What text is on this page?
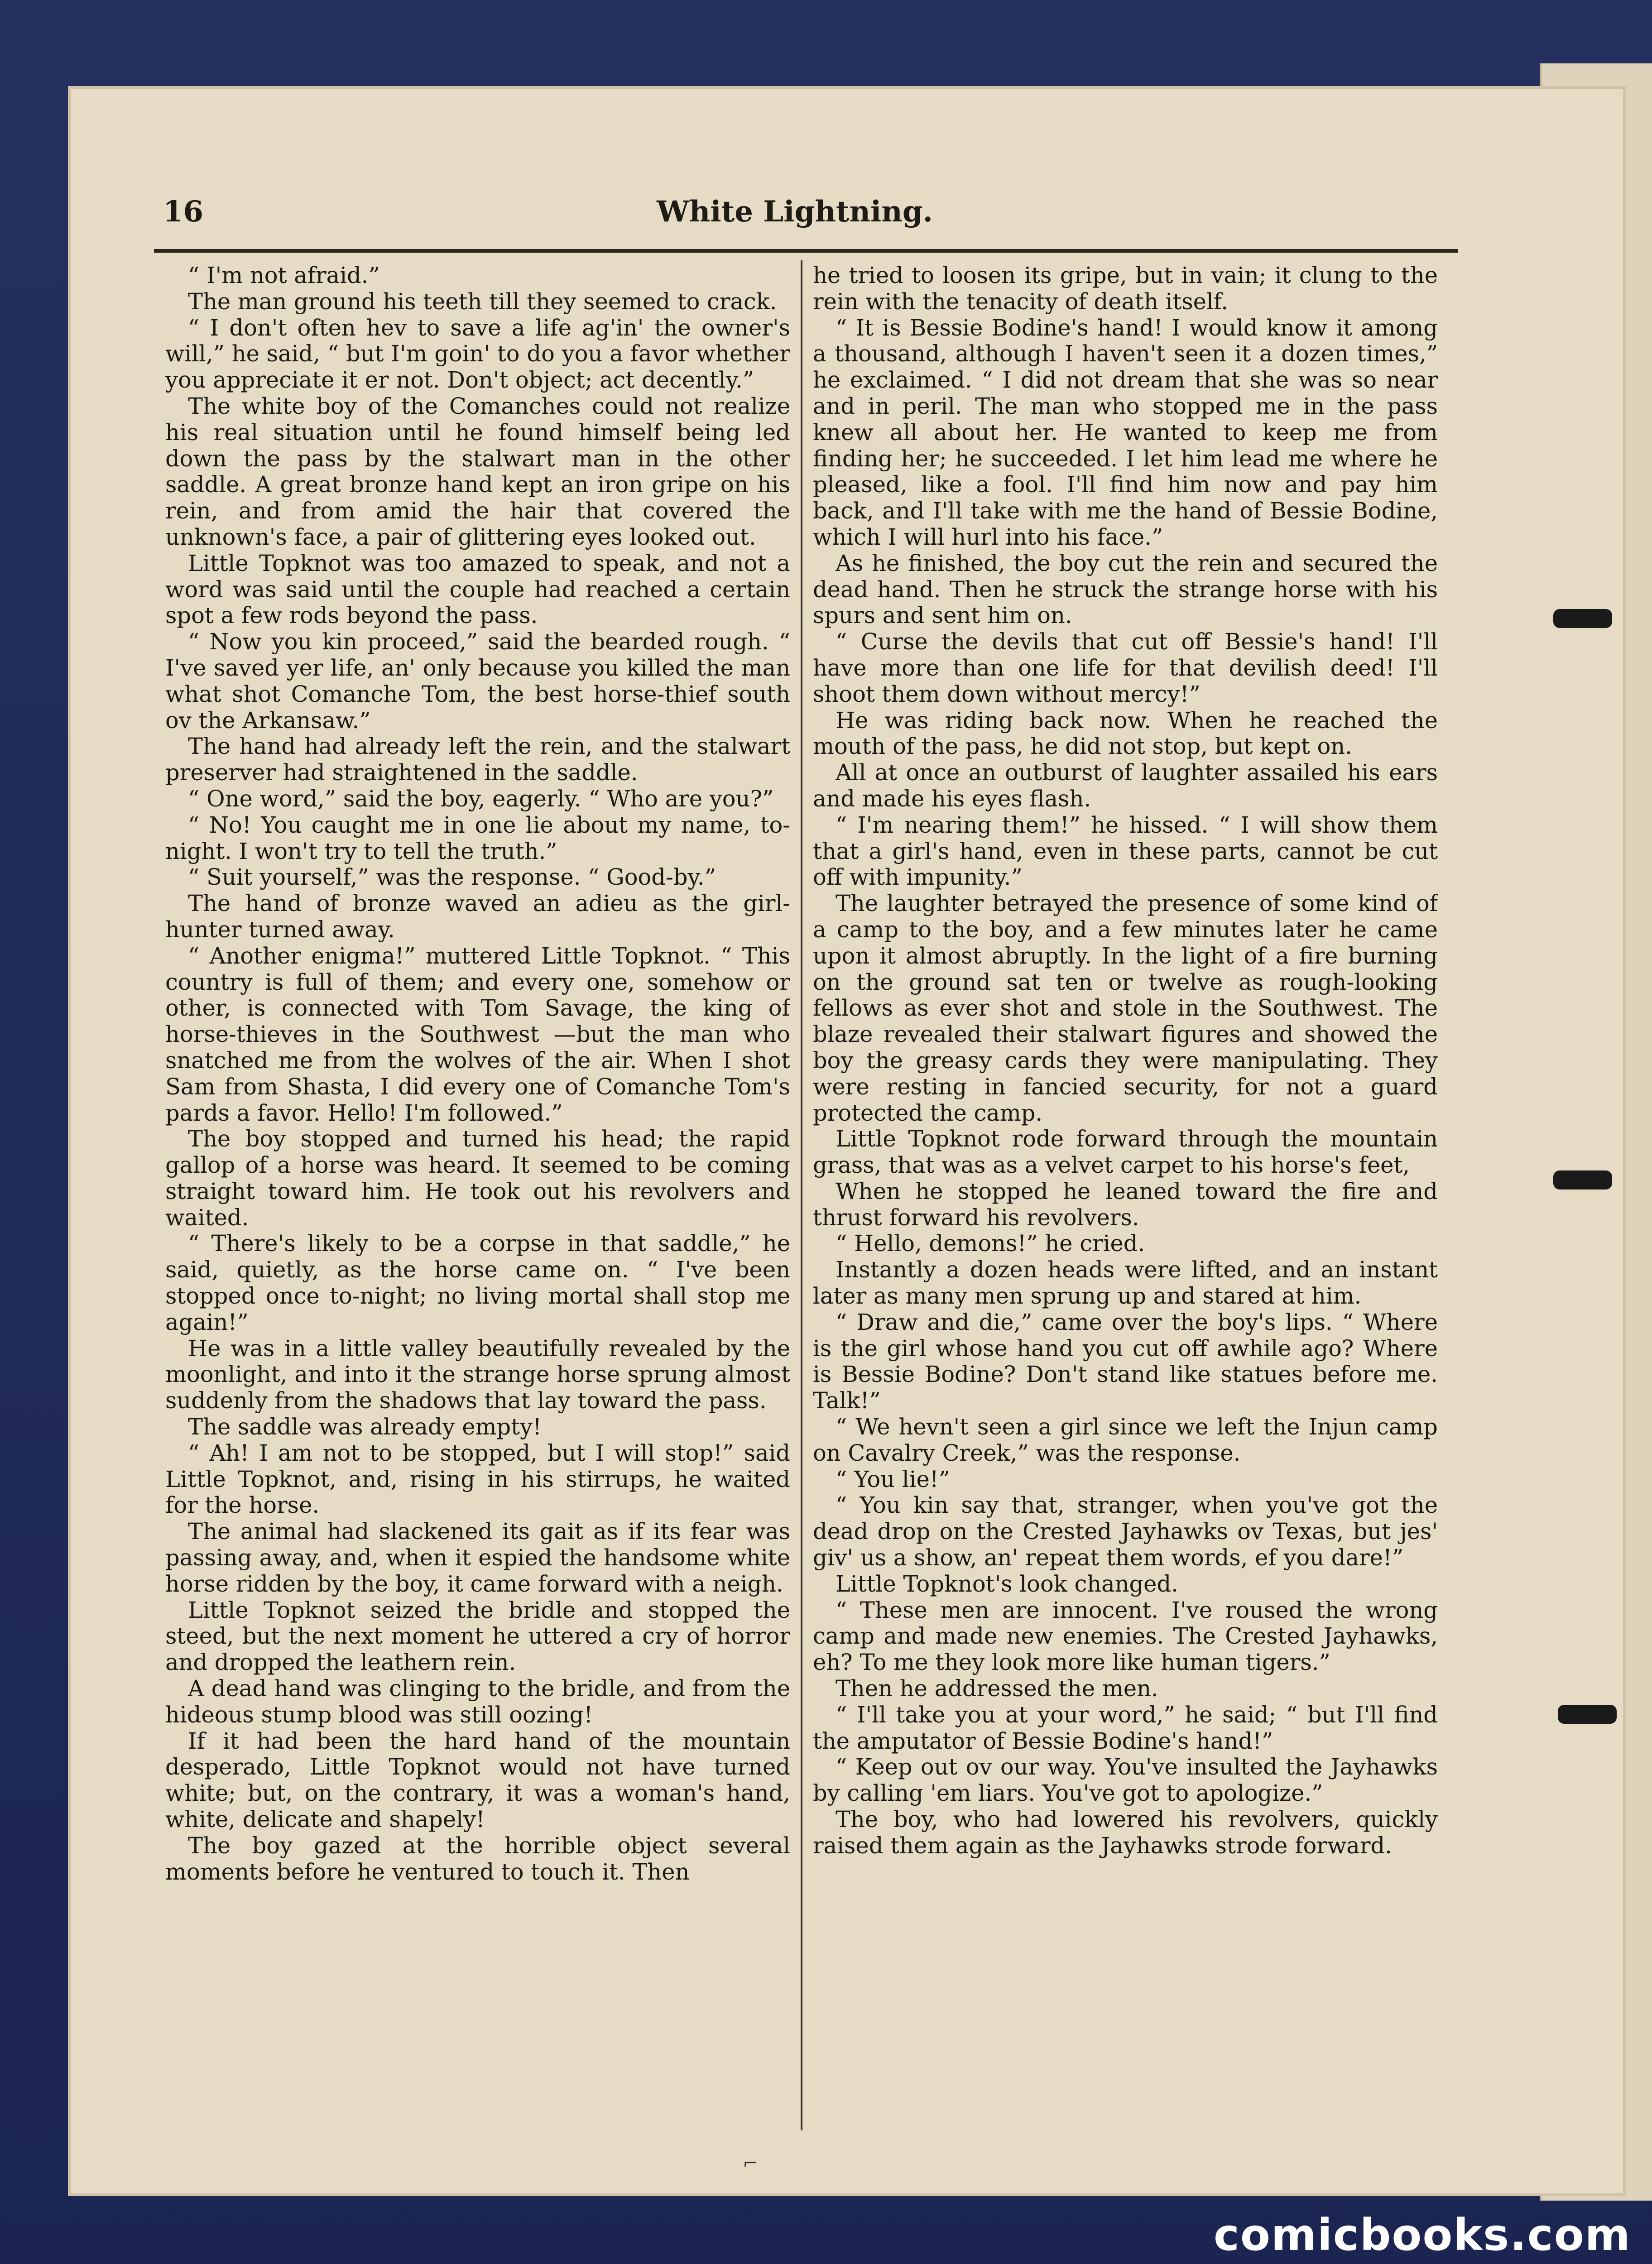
16	White Lightning.

“ I'm not afraid.”

The man ground his teeth till they seemed to crack.

“ I don't often hev to save a life ag'in' the owner's will,” he said, “ but I'm goin' to do you a favor whether you appreciate it er not. Don't object; act decently.”

The white boy of the Comanches could not realize his real situation until he found himself being led down the pass by the stalwart man in the other saddle. A great bronze hand kept an iron gripe on his rein, and from amid the hair that covered the unknown's face, a pair of glittering eyes looked out.

Little Topknot was too amazed to speak, and not a word was said until the couple had reached a certain spot a few rods beyond the pass.

“ Now you kin proceed,” said the bearded rough. “ I've saved yer life, an' only because you killed the man what shot Comanche Tom, the best horse-thief south ov the Arkansaw.”

The hand had already left the rein, and the stalwart preserver had straightened in the saddle.

“ One word,” said the boy, eagerly. “ Who are you?”

“ No! You caught me in one lie about my name, to-night. I won't try to tell the truth.”

“ Suit yourself,” was the response. “ Good-by.”

The hand of bronze waved an adieu as the girl-hunter turned away.

“ Another enigma!” muttered Little Topknot. “ This country is full of them; and every one, somehow or other, is connected with Tom Savage, the king of horse-thieves in the Southwest —but the man who snatched me from the wolves of the air. When I shot Sam from Shasta, I did every one of Comanche Tom's pards a favor. Hello! I'm followed.”

The boy stopped and turned his head; the rapid gallop of a horse was heard. It seemed to be coming straight toward him. He took out his revolvers and waited.

“ There's likely to be a corpse in that saddle,” he said, quietly, as the horse came on. “ I've been stopped once to-night; no living mortal shall stop me again!”

He was in a little valley beautifully revealed by the moonlight, and into it the strange horse sprung almost suddenly from the shadows that lay toward the pass.

The saddle was already empty!

“ Ah! I am not to be stopped, but I will stop!” said Little Topknot, and, rising in his stirrups, he waited for the horse.

The animal had slackened its gait as if its fear was passing away, and, when it espied the handsome white horse ridden by the boy, it came forward with a neigh.

Little Topknot seized the bridle and stopped the steed, but the next moment he uttered a cry of horror and dropped the leathern rein.

A dead hand was clinging to the bridle, and from the hideous stump blood was still oozing!

If it had been the hard hand of the mountain desperado, Little Topknot would not have turned white; but, on the contrary, it was a woman's hand, white, delicate and shapely!

The boy gazed at the horrible object several moments before he ventured to touch it. Then

he tried to loosen its gripe, but in vain; it clung to the rein with the tenacity of death itself.

“ It is Bessie Bodine's hand! I would know it among a thousand, although I haven't seen it a dozen times,” he exclaimed. “ I did not dream that she was so near and in peril. The man who stopped me in the pass knew all about her. He wanted to keep me from finding her; he succeeded. I let him lead me where he pleased, like a fool. I'll find him now and pay him back, and I'll take with me the hand of Bessie Bodine, which I will hurl into his face.”

As he finished, the boy cut the rein and secured the dead hand. Then he struck the strange horse with his spurs and sent him on.

“ Curse the devils that cut off Bessie's hand! I'll have more than one life for that devilish deed! I'll shoot them down without mercy!”

He was riding back now. When he reached the mouth of the pass, he did not stop, but kept on.

All at once an outburst of laughter assailed his ears and made his eyes flash.

“ I'm nearing them!” he hissed. “ I will show them that a girl's hand, even in these parts, cannot be cut off with impunity.”

The laughter betrayed the presence of some kind of a camp to the boy, and a few minutes later he came upon it almost abruptly. In the light of a fire burning on the ground sat ten or twelve as rough-looking fellows as ever shot and stole in the Southwest. The blaze revealed their stalwart figures and showed the boy the greasy cards they were manipulating. They were resting in fancied security, for not a guard protected the camp.

Little Topknot rode forward through the mountain grass, that was as a velvet carpet to his horse's feet,

When he stopped he leaned toward the fire and thrust forward his revolvers.

“ Hello, demons!” he cried.

Instantly a dozen heads were lifted, and an instant later as many men sprung up and stared at him.

“ Draw and die,” came over the boy's lips. “ Where is the girl whose hand you cut off awhile ago? Where is Bessie Bodine? Don't stand like statues before me. Talk!”

“ We hevn't seen a girl since we left the Injun camp on Cavalry Creek,” was the response.

“ You lie!”

“ You kin say that, stranger, when you've got the dead drop on the Crested Jayhawks ov Texas, but jes' giv' us a show, an' repeat them words, ef you dare!”

Little Topknot's look changed.

“ These men are innocent. I've roused the wrong camp and made new enemies. The Crested Jayhawks, eh? To me they look more like human tigers.”

Then he addressed the men.

“ I'll take you at your word,” he said; “ but I'll find the amputator of Bessie Bodine's hand!”

“ Keep out ov our way. You've insulted the Jayhawks by calling 'em liars. You've got to apologize.”

The boy, who had lowered his revolvers, quickly raised them again as the Jayhawks strode forward.

⌐
comicbooks.com
